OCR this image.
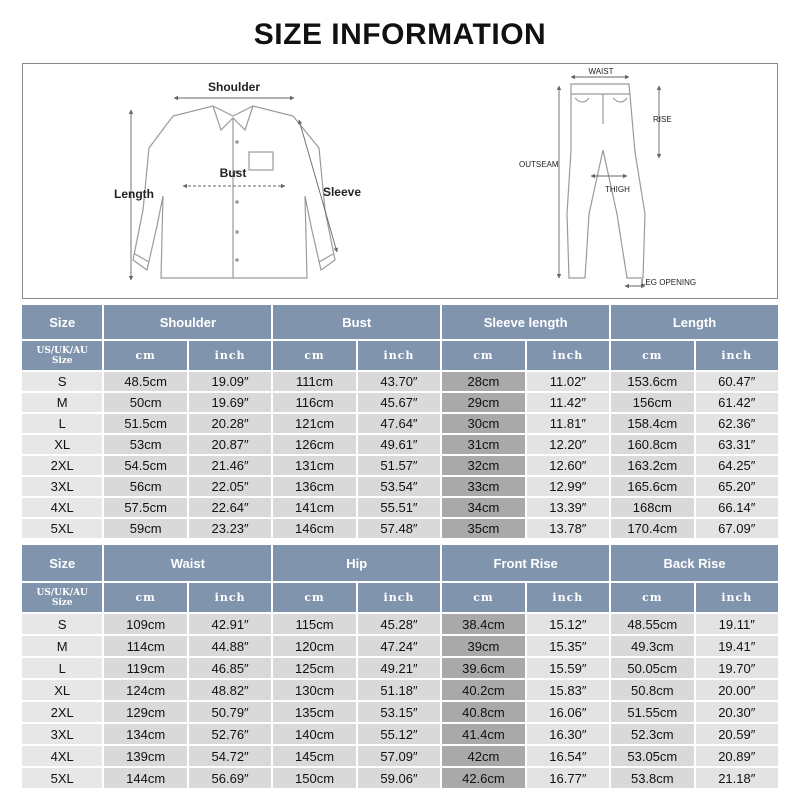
SIZE INFORMATION
Shoulder
Bust
Length	Sleeve
WAIST
RISE
OUTSEAM
THIGH
LEG OPENING
Size	Shoulder		Bust		Sleeve length		Length	
US/UK/AU
Size	cm	inch	cm	inch	cm	inch	cm	inch
S	48.5cm	19.09″	111cm	43.70″	28cm	11.02″	153.6cm	60.47″
M	50cm	19.69″	116cm	45.67″	29cm	11.42″	156cm	61.42″
L	51.5cm	20.28″	121cm	47.64″	30cm	11.81″	158.4cm	62.36″
XL	53cm	20.87″	126cm	49.61″	31cm	12.20″	160.8cm	63.31″
2XL	54.5cm	21.46″	131cm	51.57″	32cm	12.60″	163.2cm	64.25″
3XL	56cm	22.05″	136cm	53.54″	33cm	12.99″	165.6cm	65.20″
4XL	57.5cm	22.64″	141cm	55.51″	34cm	13.39″	168cm	66.14″
5XL	59cm	23.23″	146cm	57.48″	35cm	13.78″	170.4cm	67.09″
Size	Waist		Hip		Front Rise		Back Rise	
US/UK/AU
Size	cm	inch	cm	inch	cm	inch	cm	inch
S	109cm	42.91″	115cm	45.28″	38.4cm	15.12″	48.55cm	19.11″
M	114cm	44.88″	120cm	47.24″	39cm	15.35″	49.3cm	19.41″
L	119cm	46.85″	125cm	49.21″	39.6cm	15.59″	50.05cm	19.70″
XL	124cm	48.82″	130cm	51.18″	40.2cm	15.83″	50.8cm	20.00″
2XL	129cm	50.79″	135cm	53.15″	40.8cm	16.06″	51.55cm	20.30″
3XL	134cm	52.76″	140cm	55.12″	41.4cm	16.30″	52.3cm	20.59″
4XL	139cm	54.72″	145cm	57.09″	42cm	16.54″	53.05cm	20.89″
5XL	144cm	56.69″	150cm	59.06″	42.6cm	16.77″	53.8cm	21.18″
